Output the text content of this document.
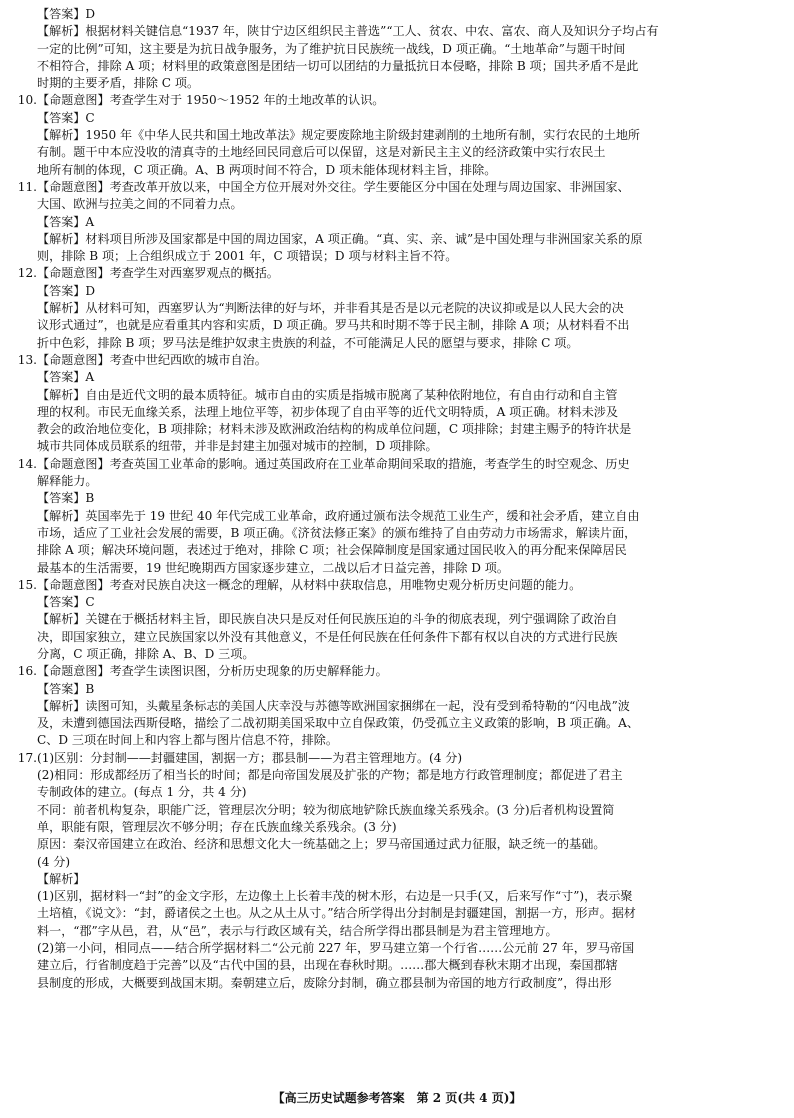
【答案】D
【解析】根据材料关键信息“1937 年，陕甘宁边区组织民主普选”“工人、贫农、中农、富农、商人及知识分子均占有
一定的比例”可知，这主要是为抗日战争服务，为了维护抗日民族统一战线，D 项正确。“土地革命”与题干时间
不相符合，排除 A 项；材料里的政策意图是团结一切可以团结的力量抵抗日本侵略，排除 B 项；国共矛盾不是此
时期的主要矛盾，排除 C 项。
10. 【命题意图】考查学生对于 1950～1952 年的土地改革的认识。
【答案】C
【解析】1950 年《中华人民共和国土地改革法》规定要废除地主阶级封建剥削的土地所有制，实行农民的土地所
有制。题干中本应没收的清真寺的土地经回民同意后可以保留，这是对新民主主义的经济政策中实行农民土
地所有制的体现，C 项正确。A、B 两项时间不符合，D 项未能体现材料主旨，排除。
11. 【命题意图】考查改革开放以来，中国全方位开展对外交往。学生要能区分中国在处理与周边国家、非洲国家、
大国、欧洲与拉美之间的不同着力点。
【答案】A
【解析】材料项目所涉及国家都是中国的周边国家，A 项正确。“真、实、亲、诚”是中国处理与非洲国家关系的原
则，排除 B 项；上合组织成立于 2001 年，C 项错误；D 项与材料主旨不符。
12. 【命题意图】考查学生对西塞罗观点的概括。
【答案】D
【解析】从材料可知，西塞罗认为“判断法律的好与坏，并非看其是否是以元老院的决议抑或是以人民大会的决
议形式通过”，也就是应看重其内容和实质，D 项正确。罗马共和时期不等于民主制，排除 A 项；从材料看不出
折中色彩，排除 B 项；罗马法是维护奴隶主贵族的利益，不可能满足人民的愿望与要求，排除 C 项。
13. 【命题意图】考查中世纪西欧的城市自治。
【答案】A
【解析】自由是近代文明的最本质特征。城市自由的实质是指城市脱离了某种依附地位，有自由行动和自主管
理的权利。市民无血缘关系，法理上地位平等，初步体现了自由平等的近代文明特质，A 项正确。材料未涉及
教会的政治地位变化，B 项排除；材料未涉及欧洲政治结构的构成单位问题，C 项排除；封建主赐予的特许状是
城市共同体成员联系的纽带，并非是封建主加强对城市的控制，D 项排除。
14. 【命题意图】考查英国工业革命的影响。通过英国政府在工业革命期间采取的措施，考查学生的时空观念、历史
解释能力。
【答案】B
【解析】英国率先于 19 世纪 40 年代完成工业革命，政府通过颁布法令规范工业生产，缓和社会矛盾，建立自由
市场，适应了工业社会发展的需要，B 项正确。《济贫法修正案》的颁布维持了自由劳动力市场需求，解读片面，
排除 A 项；解决环境问题，表述过于绝对，排除 C 项；社会保障制度是国家通过国民收入的再分配来保障居民
最基本的生活需要，19 世纪晚期西方国家逐步建立，二战以后才日益完善，排除 D 项。
15. 【命题意图】考查对民族自决这一概念的理解，从材料中获取信息，用唯物史观分析历史问题的能力。
【答案】C
【解析】关键在于概括材料主旨，即民族自决只是反对任何民族压迫的斗争的彻底表现，列宁强调除了政治自
决，即国家独立，建立民族国家以外没有其他意义，不是任何民族在任何条件下都有权以自决的方式进行民族
分离，C 项正确，排除 A、B、D 三项。
16. 【命题意图】考查学生读图识图，分析历史现象的历史解释能力。
【答案】B
【解析】读图可知，头戴星条标志的美国人庆幸没与苏德等欧洲国家捆绑在一起，没有受到希特勒的“闪电战”波
及，未遭到德国法西斯侵略，描绘了二战初期美国采取中立自保政策，仍受孤立主义政策的影响，B 项正确。A、
C、D 三项在时间上和内容上都与图片信息不符，排除。
17. (1)区别：分封制——封疆建国，割据一方；郡县制——为君主管理地方。(4 分)
(2)相同：形成都经历了相当长的时间；都是向帝国发展及扩张的产物；都是地方行政管理制度；都促进了君主
专制政体的建立。(每点 1 分，共 4 分)
不同：前者机构复杂，职能广泛，管理层次分明；较为彻底地铲除氏族血缘关系残余。(3 分)后者机构设置简
单，职能有限，管理层次不够分明；存在氏族血缘关系残余。(3 分)
原因：秦汉帝国建立在政治、经济和思想文化大一统基础之上；罗马帝国通过武力征服，缺乏统一的基础。
(4 分)
【解析】
(1)区别，据材料一“封”的金文字形，左边像土上长着丰茂的树木形，右边是一只手(又，后来写作“寸”)，表示聚
土培植，《说文》：“封，爵诸侯之土也。从之从土从寸。”结合所学得出分封制是封疆建国，割据一方，形声。据材
料一，“郡”字从邑，君，从“邑”，表示与行政区域有关，结合所学得出郡县制是为君主管理地方。
(2)第一小问，相同点——结合所学据材料二“公元前 227 年，罗马建立第一个行省……公元前 27 年，罗马帝国
建立后，行省制度趋于完善”以及“古代中国的县，出现在春秋时期。……郡大概到春秋末期才出现，秦国郡辖
县制度的形成，大概要到战国末期。秦朝建立后，废除分封制，确立郡县制为帝国的地方行政制度”，得出形
【高三历史试题参考答案　第 2 页(共 4 页)】
